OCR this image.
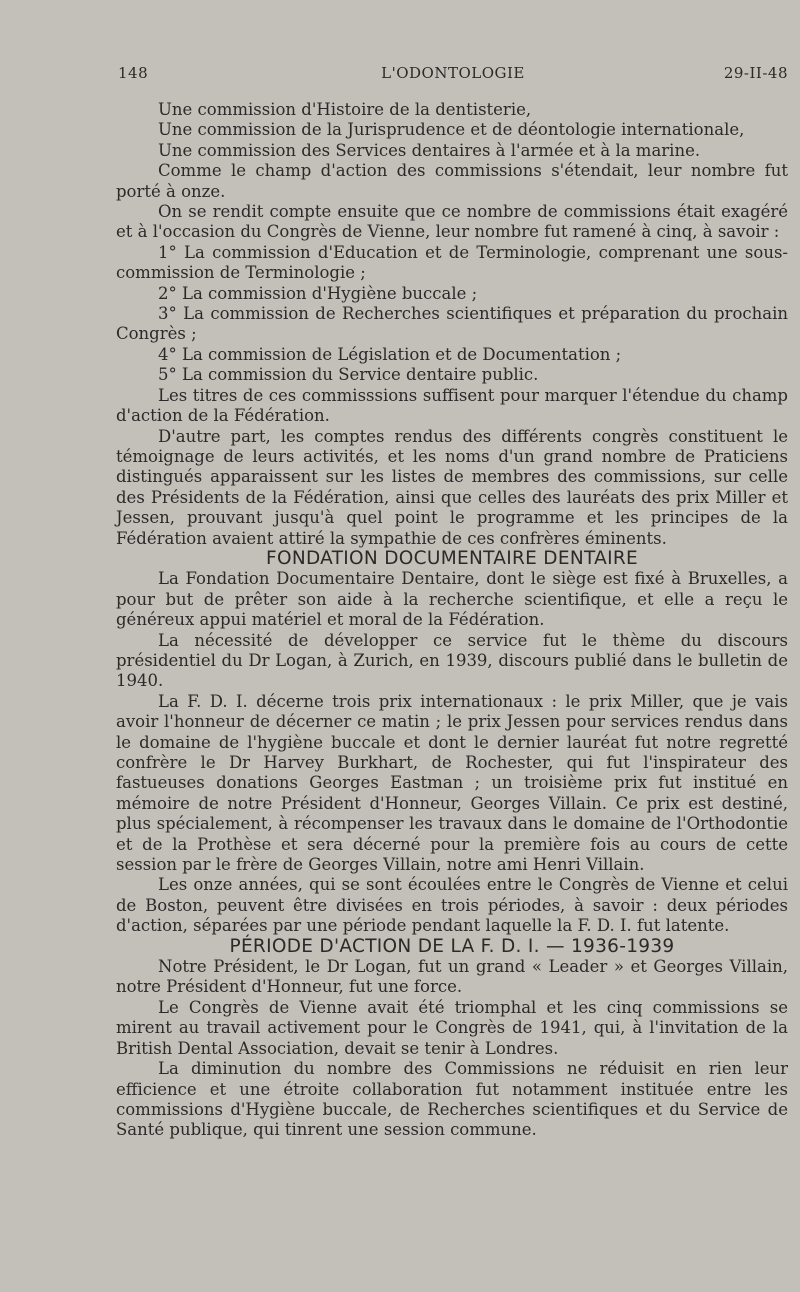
148	L'ODONTOLOGIE	29-II-48

Une commission d'Histoire de la dentisterie,

Une commission de la Jurisprudence et de déontologie internationale,

Une commission des Services dentaires à l'armée et à la marine.

Comme le champ d'action des commissions s'étendait, leur nombre fut porté à onze.

On se rendit compte ensuite que ce nombre de commissions était exagéré et à l'occasion du Congrès de Vienne, leur nombre fut ramené à cinq, à savoir :

1° La commission d'Education et de Terminologie, comprenant une sous-commission de Terminologie ;

2° La commission d'Hygiène buccale ;

3° La commission de Recherches scientifiques et préparation du prochain Congrès ;

4° La commission de Législation et de Documentation ;

5° La commission du Service dentaire public.

Les titres de ces commisssions suffisent pour marquer l'étendue du champ d'action de la Fédération.

D'autre part, les comptes rendus des différents congrès constituent le témoignage de leurs activités, et les noms d'un grand nombre de Praticiens distingués apparaissent sur les listes de membres des commissions, sur celle des Présidents de la Fédération, ainsi que celles des lauréats des prix Miller et Jessen, prouvant jusqu'à quel point le programme et les principes de la Fédération avaient attiré la sympathie de ces confrères éminents.

FONDATION DOCUMENTAIRE DENTAIRE

La Fondation Documentaire Dentaire, dont le siège est fixé à Bruxelles, a pour but de prêter son aide à la recherche scientifique, et elle a reçu le généreux appui matériel et moral de la Fédération.

La nécessité de développer ce service fut le thème du discours présidentiel du Dr Logan, à Zurich, en 1939, discours publié dans le bulletin de 1940.

La F. D. I. décerne trois prix internationaux : le prix Miller, que je vais avoir l'honneur de décerner ce matin ; le prix Jessen pour services rendus dans le domaine de l'hygiène buccale et dont le dernier lauréat fut notre regretté confrère le Dr Harvey Burkhart, de Rochester, qui fut l'inspirateur des fastueuses donations Georges Eastman ; un troisième prix fut institué en mémoire de notre Président d'Honneur, Georges Villain. Ce prix est destiné, plus spécialement, à récompenser les travaux dans le domaine de l'Orthodontie et de la Prothèse et sera décerné pour la première fois au cours de cette session par le frère de Georges Villain, notre ami Henri Villain.

Les onze années, qui se sont écoulées entre le Congrès de Vienne et celui de Boston, peuvent être divisées en trois périodes, à savoir : deux périodes d'action, séparées par une période pendant laquelle la F. D. I. fut latente.

PÉRIODE D'ACTION DE LA F. D. I. — 1936-1939

Notre Président, le Dr Logan, fut un grand « Leader » et Georges Villain, notre Président d'Honneur, fut une force.

Le Congrès de Vienne avait été triomphal et les cinq commissions se mirent au travail activement pour le Congrès de 1941, qui, à l'invitation de la British Dental Association, devait se tenir à Londres.

La diminution du nombre des Commissions ne réduisit en rien leur efficience et une étroite collaboration fut notamment instituée entre les commissions d'Hygiène buccale, de Recherches scientifiques et du Service de Santé publique, qui tinrent une session commune.
